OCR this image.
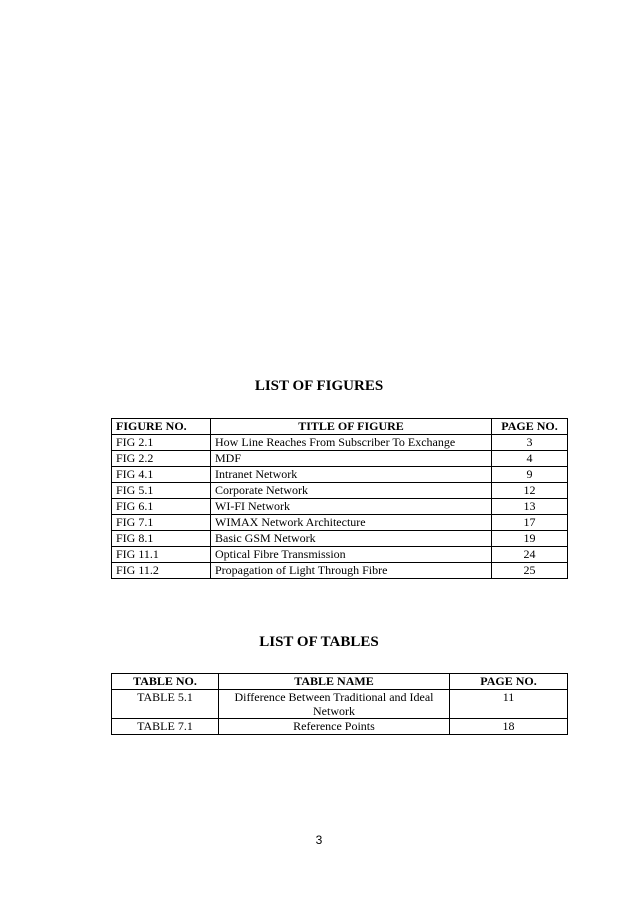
LIST OF FIGURES
FIGURE NO.	TITLE OF FIGURE	PAGE NO.
FIG 2.1	How Line Reaches From Subscriber To Exchange	3
FIG 2.2	MDF	4
FIG 4.1	Intranet Network	9
FIG 5.1	Corporate Network	12
FIG 6.1	WI-FI Network	13
FIG 7.1	WIMAX Network Architecture	17
FIG 8.1	Basic GSM Network	19
FIG 11.1	Optical Fibre Transmission	24
FIG 11.2	Propagation of Light Through Fibre	25
LIST OF TABLES
TABLE NO.	TABLE NAME	PAGE NO.
TABLE 5.1	Difference Between Traditional and Ideal Network	11
TABLE 7.1	Reference Points	18
3
